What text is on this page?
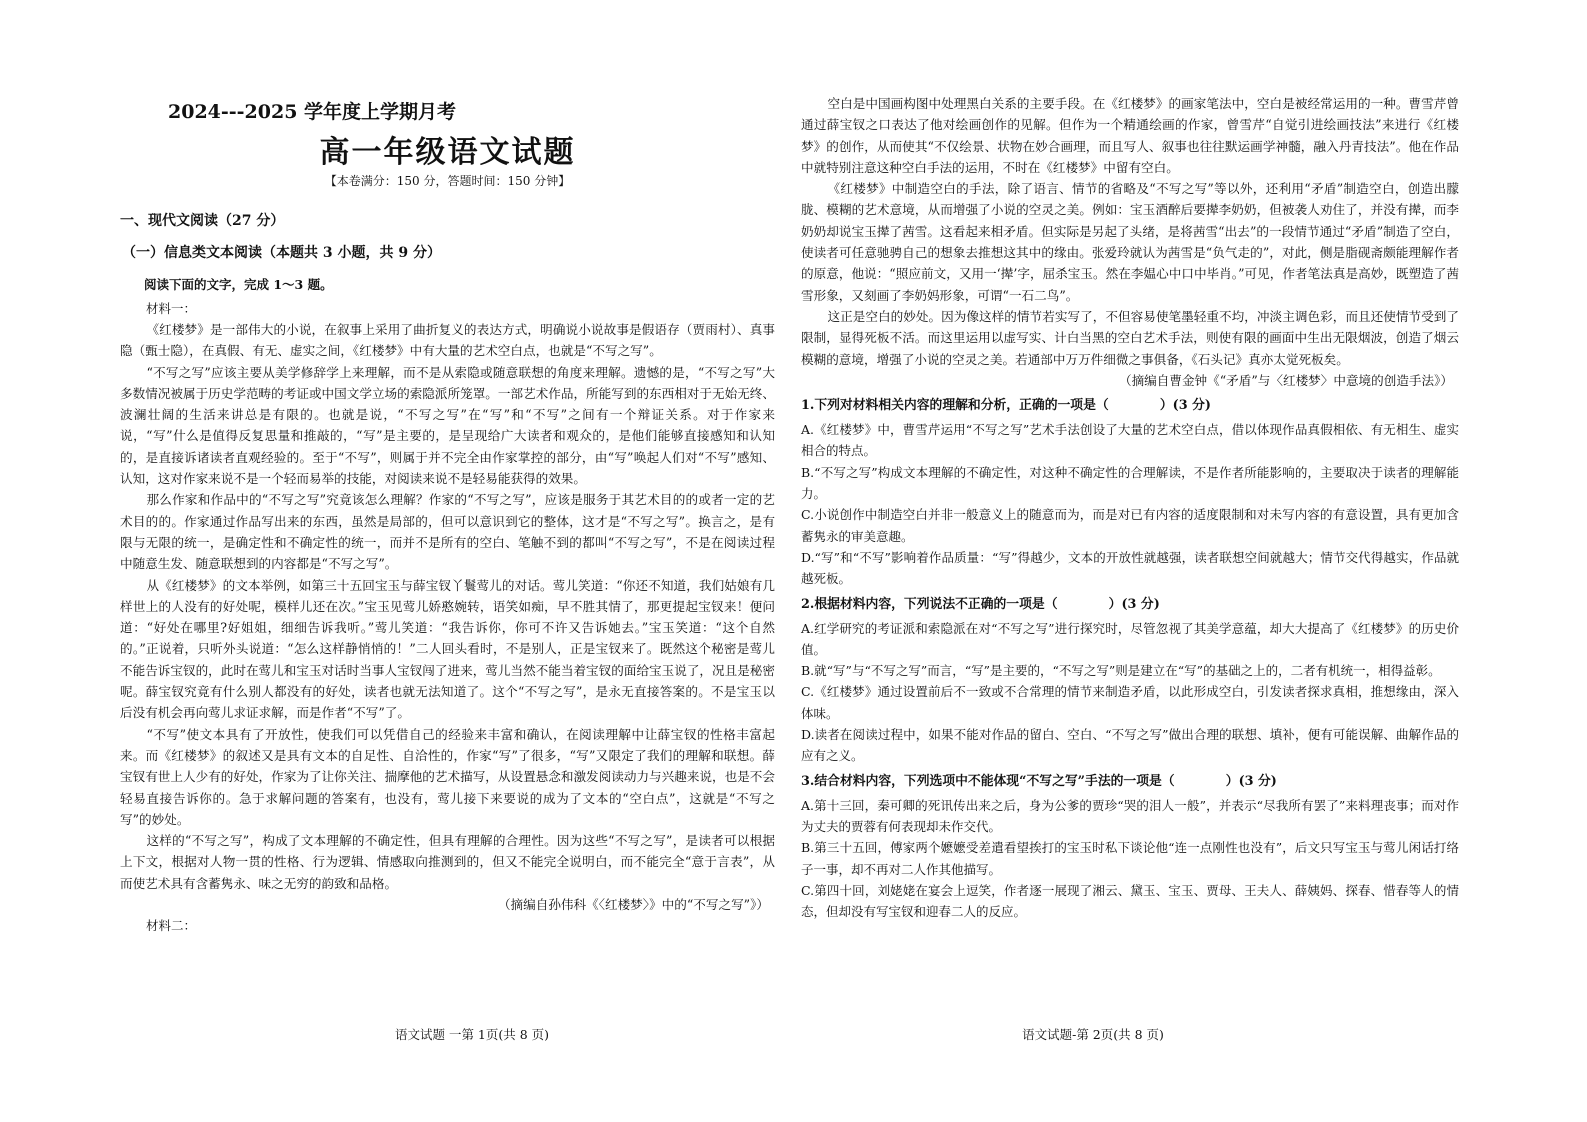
2024---2025 学年度上学期月考
高一年级语文试题
【本卷满分：150 分，答题时间：150 分钟】
一、现代文阅读（27 分）
（一）信息类文本阅读（本题共 3 小题，共 9 分）
阅读下面的文字，完成 1～3 题。
材料一：

《红楼梦》是一部伟大的小说，在叙事上采用了曲折复义的表达方式，明确说小说故事是假语存（贾雨村）、真事隐（甄士隐），在真假、有无、虚实之间，《红楼梦》中有大量的艺术空白点，也就是“不写之写”。

“不写之写”应该主要从美学修辞学上来理解，而不是从索隐或随意联想的角度来理解。遗憾的是，“不写之写”大多数情况被属于历史学范畴的考证或中国文学立场的索隐派所笼罩。一部艺术作品，所能写到的东西相对于无始无终、波澜壮阔的生活来讲总是有限的。也就是说，“不写之写”在“写”和“不写”之间有一个辩证关系。对于作家来说，“写”什么是值得反复思量和推敲的，“写”是主要的，是呈现给广大读者和观众的，是他们能够直接感知和认知的，是直接诉诸读者直观经验的。至于“不写”，则属于并不完全由作家掌控的部分，由“写”唤起人们对“不写”感知、认知，这对作家来说不是一个轻而易举的技能，对阅读来说不是轻易能获得的效果。

那么作家和作品中的“不写之写”究竟该怎么理解？作家的“不写之写”，应该是服务于其艺术目的的或者一定的艺术目的的。作家通过作品写出来的东西，虽然是局部的，但可以意识到它的整体，这才是“不写之写”。换言之，是有限与无限的统一，是确定性和不确定性的统一，而并不是所有的空白、笔触不到的都叫“不写之写”，不是在阅读过程中随意生发、随意联想到的内容都是“不写之写”。

从《红楼梦》的文本举例，如第三十五回宝玉与薛宝钗丫鬟莺儿的对话。莺儿笑道：“你还不知道，我们姑娘有几样世上的人没有的好处呢，模样儿还在次。”宝玉见莺儿娇憨婉转，语笑如痴，早不胜其情了，那更提起宝钗来！便问道：“好处在哪里?好姐姐，细细告诉我听。”莺儿笑道：“我告诉你，你可不许又告诉她去。”宝玉笑道：“这个自然的。”正说着，只听外头说道：“怎么这样静悄悄的！”二人回头看时，不是别人，正是宝钗来了。既然这个秘密是莺儿不能告诉宝钗的，此时在莺儿和宝玉对话时当事人宝钗闯了进来，莺儿当然不能当着宝钗的面给宝玉说了，况且是秘密呢。薛宝钗究竟有什么别人都没有的好处，读者也就无法知道了。这个“不写之写”，是永无直接答案的。不是宝玉以后没有机会再向莺儿求证求解，而是作者“不写”了。

“不写”使文本具有了开放性，使我们可以凭借自己的经验来丰富和确认，在阅读理解中让薛宝钗的性格丰富起来。而《红楼梦》的叙述又是具有文本的自足性、自洽性的，作家“写”了很多，“写”又限定了我们的理解和联想。薛宝钗有世上人少有的好处，作家为了让你关注、揣摩他的艺术描写，从设置悬念和激发阅读动力与兴趣来说，也是不会轻易直接告诉你的。急于求解问题的答案有，也没有，莺儿接下来要说的成为了文本的“空白点”，这就是“不写之写”的妙处。

这样的“不写之写”，构成了文本理解的不确定性，但具有理解的合理性。因为这些“不写之写”，是读者可以根据上下文，根据对人物一贯的性格、行为逻辑、情感取向推测到的，但又不能完全说明白，而不能完全“意于言表”，从而使艺术具有含蓄隽永、味之无穷的韵致和品格。

（摘编自孙伟科《〈红楼梦〉》中的“不写之写”》）

材料二：

空白是中国画构图中处理黑白关系的主要手段。在《红楼梦》的画家笔法中，空白是被经常运用的一种。曹雪芹曾通过薛宝钗之口表达了他对绘画创作的见解。但作为一个精通绘画的作家，曾雪芹“自觉引进绘画技法”来进行《红楼梦》的创作，从而使其“不仅绘景、状物在妙合画理，而且写人、叙事也往往默运画学神髓，融入丹青技法”。他在作品中就特别注意这种空白手法的运用，不时在《红楼梦》中留有空白。

《红楼梦》中制造空白的手法，除了语言、情节的省略及“不写之写”等以外，还利用“矛盾”制造空白，创造出朦胧、模糊的艺术意境，从而增强了小说的空灵之美。例如：宝玉酒醉后要撵李奶奶，但被袭人劝住了，并没有撵，而李奶奶却说宝玉撵了茜雪。这看起来相矛盾。但实际是另起了头绪，是将茜雪“出去”的一段情节通过“矛盾”制造了空白，使读者可任意驰骋自己的想象去推想这其中的缘由。张爱玲就认为茜雪是“负气走的”，对此，侧是脂砚斋颇能理解作者的原意，他说：“照应前文，又用一‘撵’字，屈杀宝玉。然在李媪心中口中毕肖。”可见，作者笔法真是高妙，既塑造了茜雪形象，又刻画了李奶妈形象，可谓“一石二鸟”。

这正是空白的妙处。因为像这样的情节若实写了，不但容易使笔墨轻重不均，冲淡主调色彩，而且还使情节受到了限制，显得死板不活。而这里运用以虚写实、计白当黑的空白艺术手法，则使有限的画面中生出无限烟波，创造了烟云模糊的意境，增强了小说的空灵之美。若通部中万万件细微之事俱备，《石头记》真亦太觉死板矣。

（摘编自曹金钟《“矛盾”与〈红楼梦〉中意境的创造手法》）

1.下列对材料相关内容的理解和分析，正确的一项是（　　　　）(3 分)

A.《红楼梦》中，曹雪芹运用“不写之写”艺术手法创设了大量的艺术空白点，借以体现作品真假相依、有无相生、虚实相合的特点。

B.“不写之写”构成文本理解的不确定性，对这种不确定性的合理解读，不是作者所能影响的，主要取决于读者的理解能力。

C.小说创作中制造空白并非一般意义上的随意而为，而是对已有内容的适度限制和对未写内容的有意设置，具有更加含蓄隽永的审美意趣。

D.“写”和“不写”影响着作品质量：“写”得越少，文本的开放性就越强，读者联想空间就越大；情节交代得越实，作品就越死板。

2.根据材料内容，下列说法不正确的一项是（　　　　）(3 分)

A.红学研究的考证派和索隐派在对“不写之写”进行探究时，尽管忽视了其美学意蕴，却大大提高了《红楼梦》的历史价值。

B.就“写”与“不写之写”而言，“写”是主要的，“不写之写”则是建立在“写”的基础之上的，二者有机统一，相得益彰。

C.《红楼梦》通过设置前后不一致或不合常理的情节来制造矛盾，以此形成空白，引发读者探求真相，推想缘由，深入体味。

D.读者在阅读过程中，如果不能对作品的留白、空白、“不写之写”做出合理的联想、填补，便有可能误解、曲解作品的应有之义。

3.结合材料内容，下列选项中不能体现“不写之写”手法的一项是（　　　　）(3 分)

A.第十三回，秦可卿的死讯传出来之后，身为公爹的贾珍“哭的泪人一般”，并表示“尽我所有罢了”来料理丧事；而对作为丈夫的贾蓉有何表现却未作交代。

B.第三十五回，傅家两个嬷嬷受差遣看望挨打的宝玉时私下谈论他“连一点刚性也没有”，后文只写宝玉与莺儿闲话打络子一事，却不再对二人作其他描写。

C.第四十回，刘姥姥在宴会上逗笑，作者逐一展现了湘云、黛玉、宝玉、贾母、王夫人、薛姨妈、探春、惜春等人的情态，但却没有写宝钗和迎春二人的反应。

语文试题 一第 1页(共 8 页)	语文试题-第 2页(共 8 页)
